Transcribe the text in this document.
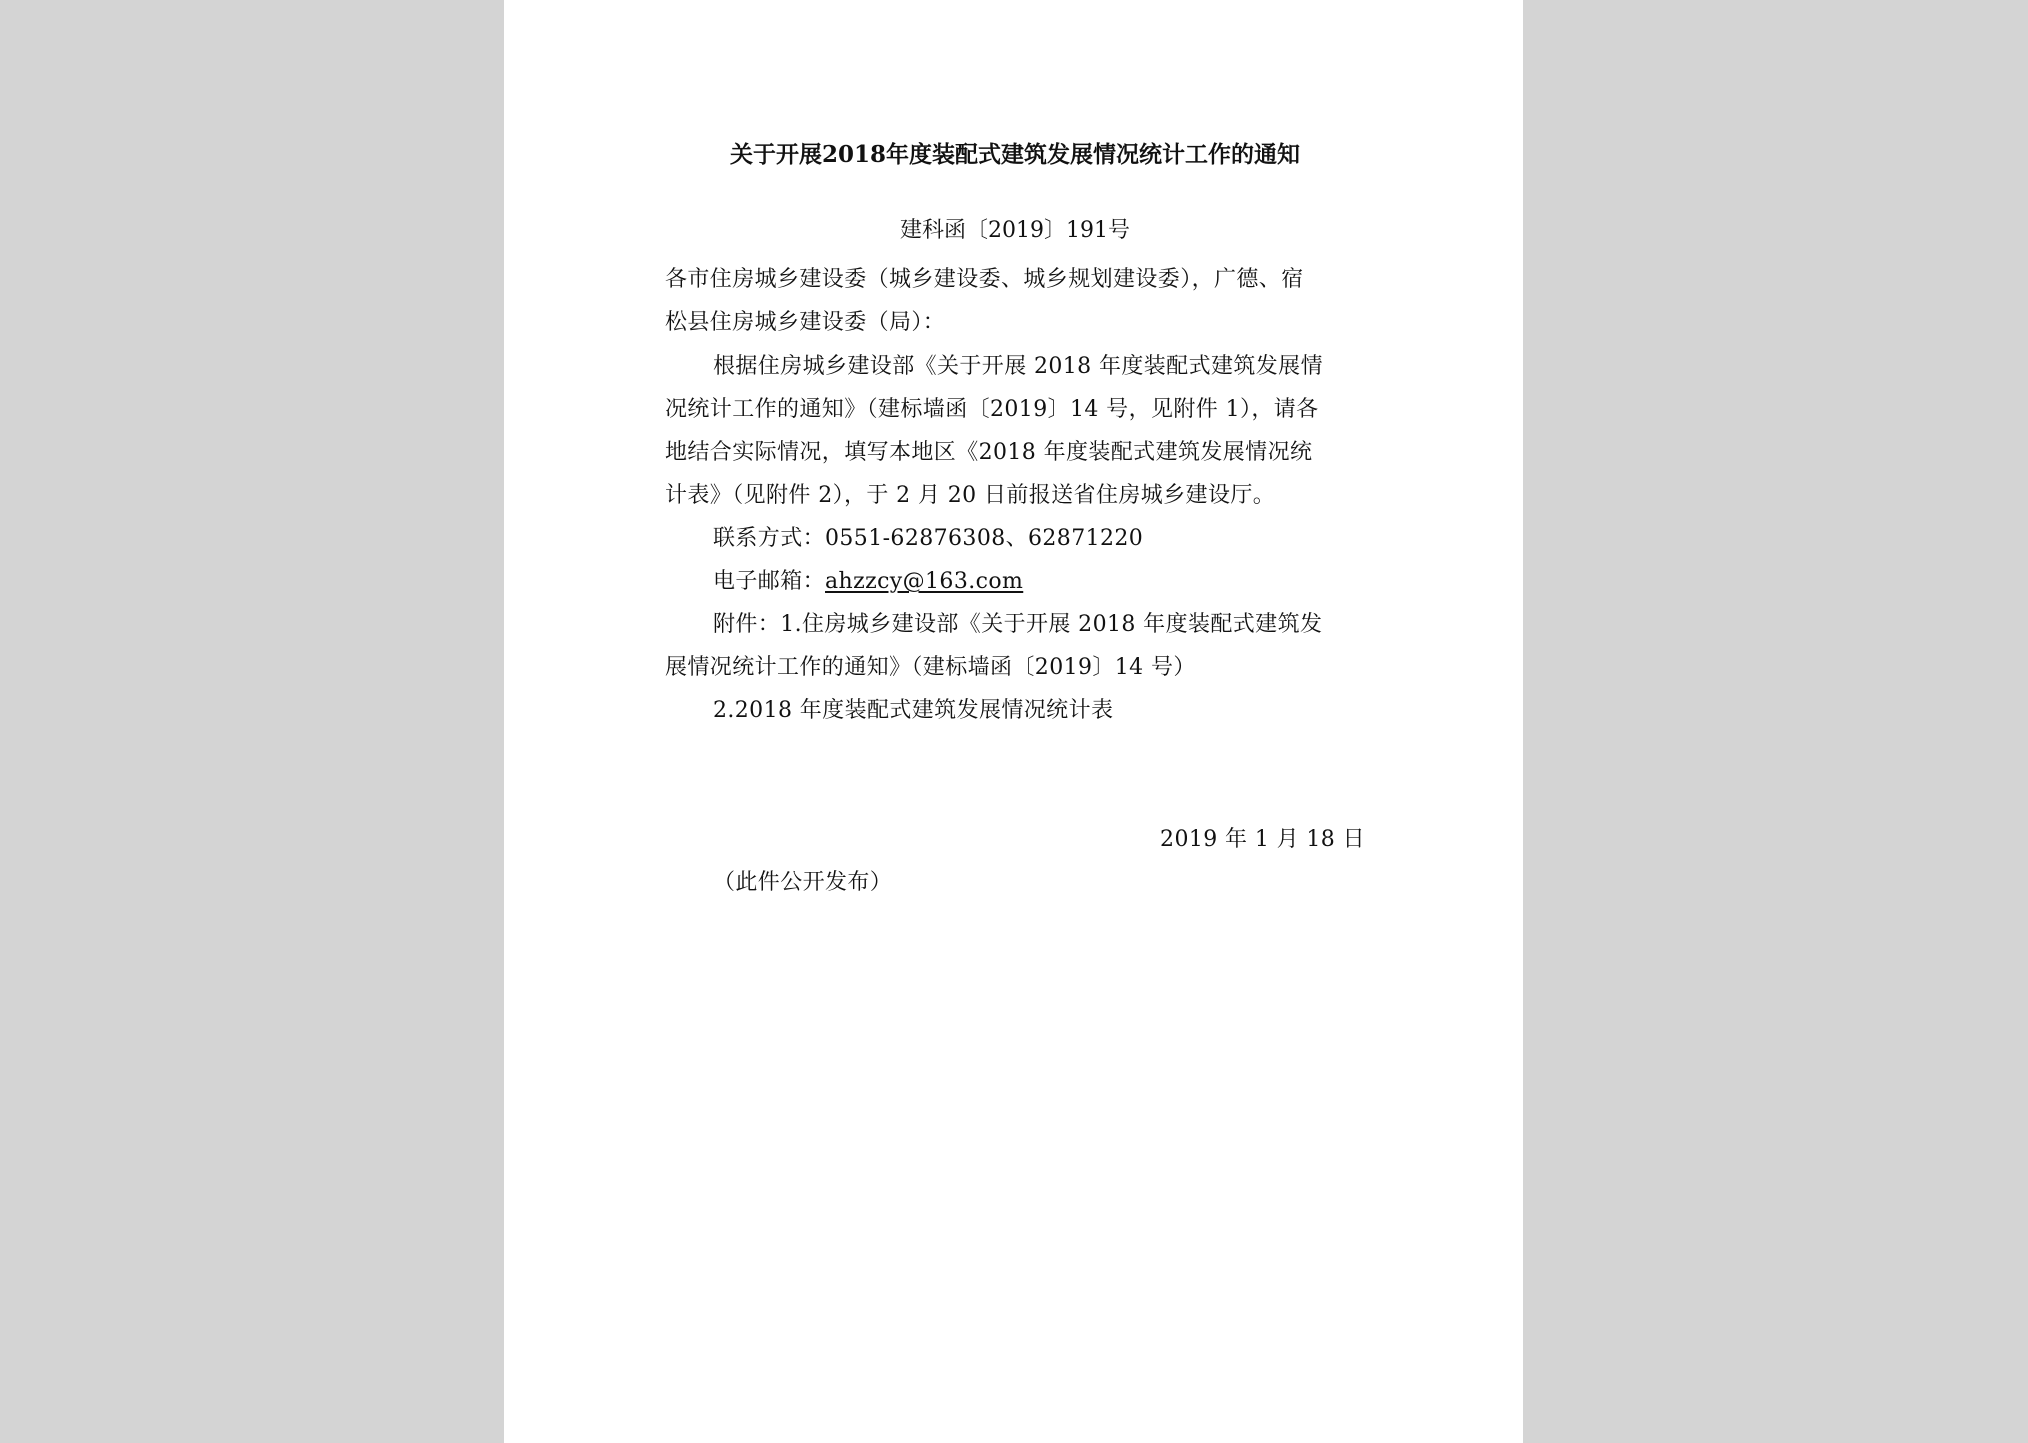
关于开展2018年度装配式建筑发展情况统计工作的通知
建科函〔2019〕191号
各市住房城乡建设委（城乡建设委、城乡规划建设委），广德、宿
松县住房城乡建设委（局）：
根据住房城乡建设部《关于开展 2018 年度装配式建筑发展情
况统计工作的通知》（建标墙函〔2019〕14 号，见附件 1），请各
地结合实际情况，填写本地区《2018 年度装配式建筑发展情况统
计表》（见附件 2），于 2 月 20 日前报送省住房城乡建设厅。
联系方式：0551-62876308、62871220
电子邮箱：ahzzcy@163.com
附件：1.住房城乡建设部《关于开展 2018 年度装配式建筑发
展情况统计工作的通知》（建标墙函〔2019〕14 号）
2.2018 年度装配式建筑发展情况统计表
2019 年 1 月 18 日
（此件公开发布）
